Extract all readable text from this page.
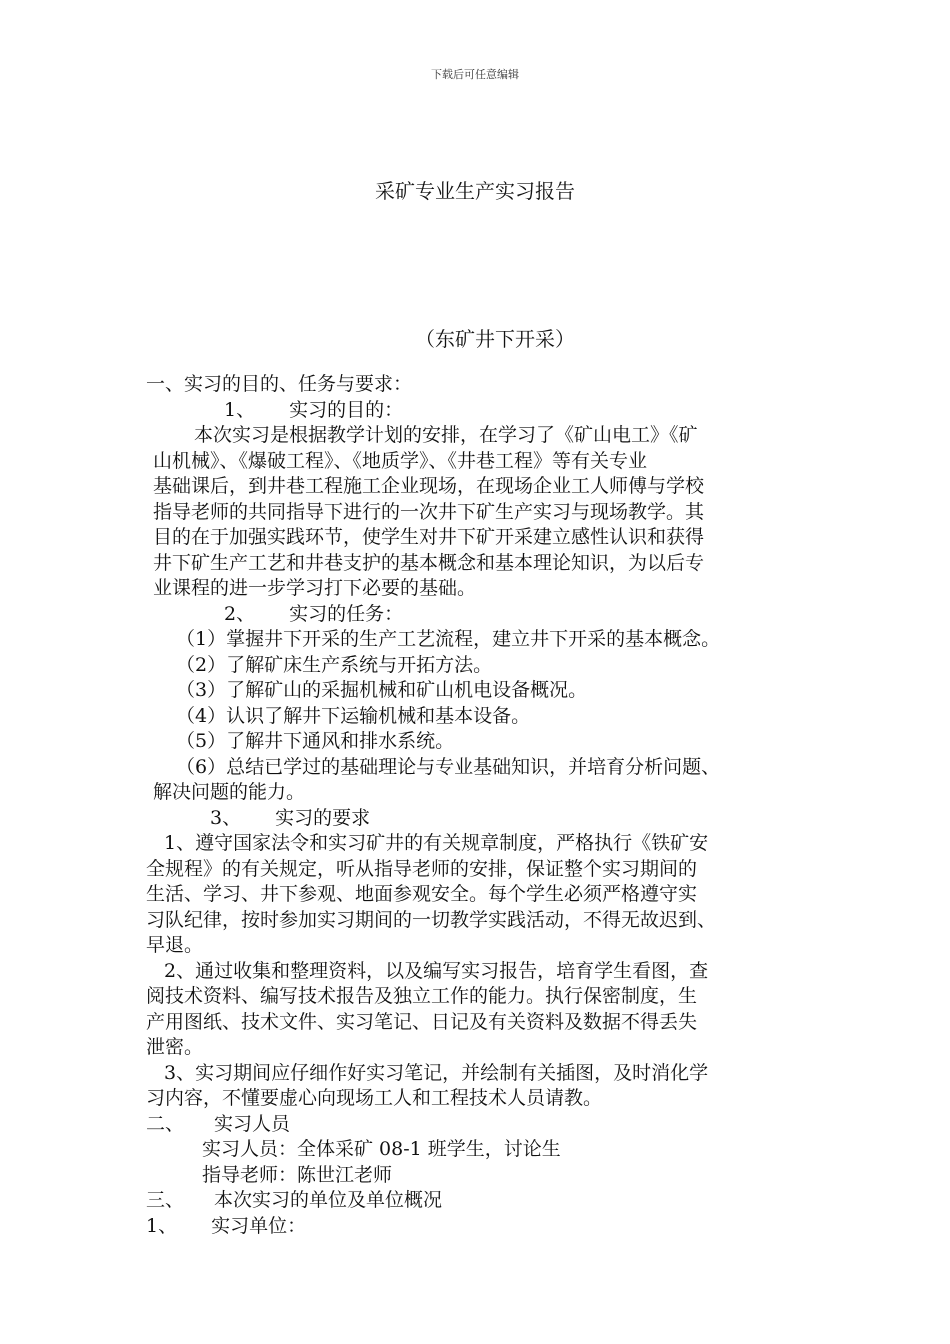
下载后可任意编辑
采矿专业生产实习报告
（东矿井下开采）
一、实习的目的、任务与要求：
1、 实习的目的：
本次实习是根据教学计划的安排，在学习了《矿山电工》《矿
山机械》、《爆破工程》、《地质学》、《井巷工程》等有关专业
基础课后，到井巷工程施工企业现场，在现场企业工人师傅与学校
指导老师的共同指导下进行的一次井下矿生产实习与现场教学。其
目的在于加强实践环节，使学生对井下矿开采建立感性认识和获得
井下矿生产工艺和井巷支护的基本概念和基本理论知识，为以后专
业课程的进一步学习打下必要的基础。
2、 实习的任务：
（1）掌握井下开采的生产工艺流程，建立井下开采的基本概念。
（2）了解矿床生产系统与开拓方法。
（3）了解矿山的采掘机械和矿山机电设备概况。
（4）认识了解井下运输机械和基本设备。
（5）了解井下通风和排水系统。
（6）总结已学过的基础理论与专业基础知识，并培育分析问题、
解决问题的能力。
3、 实习的要求
1、遵守国家法令和实习矿井的有关规章制度，严格执行《铁矿安
全规程》的有关规定，听从指导老师的安排，保证整个实习期间的
生活、学习、井下参观、地面参观安全。每个学生必须严格遵守实
习队纪律，按时参加实习期间的一切教学实践活动，不得无故迟到、
早退。
2、通过收集和整理资料，以及编写实习报告，培育学生看图，查
阅技术资料、编写技术报告及独立工作的能力。执行保密制度，生
产用图纸、技术文件、实习笔记、日记及有关资料及数据不得丢失
泄密。
3、实习期间应仔细作好实习笔记，并绘制有关插图，及时消化学
习内容，不懂要虚心向现场工人和工程技术人员请教。
二、 实习人员
实习人员：全体采矿 08-1 班学生，讨论生
指导老师：陈世江老师
三、 本次实习的单位及单位概况
1、 实习单位：
